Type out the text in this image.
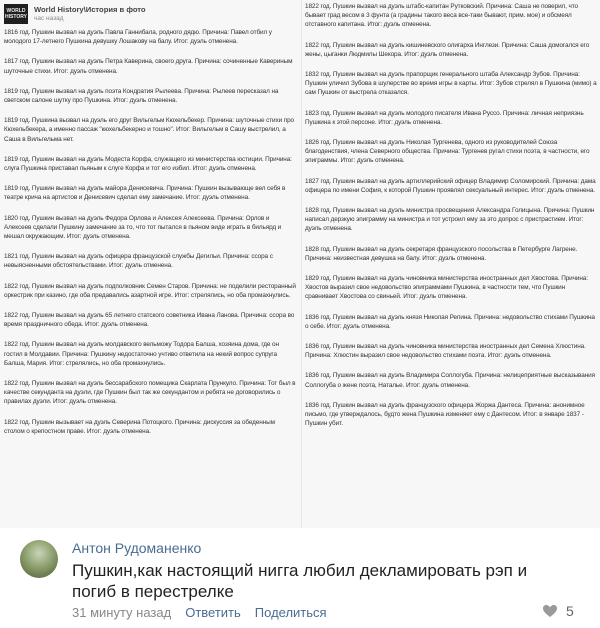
WORLD
HISTORY
World History\История в фото
час назад
1816 год. Пушкин вызвал на дуэль Павла Ганнибала, родного дядю. Причина: Павел отбил у молодого 17-летнего Пушкина девушку Лошакову на балу. Итог: дуэль отменена.
1817 год. Пушкин вызвал на дуэль Петра Каверина, своего друга. Причина: сочиненные Кавериным шуточные стихи. Итог: дуэль отменена.
1819 год. Пушкин вызвал на дуэль поэта Кондратия Рылеева. Причина: Рылеев пересказал на светском салоне шутку про Пушкина. Итог: дуэль отменена.
1819 год. Пушкина вызвал на дуэль его друг Вильгельм Кюхельбекер. Причина: шуточные стихи про Кюхельбекера, а именно пассаж "кюхельбекерно и тошно". Итог: Вильгельм в Сашу выстрелил, а Саша в Вильгельма нет.
1819 год. Пушкин вызвал на дуэль Модеста Корфа, служащего из министерства юстиции. Причина: слуга Пушкина приставал пьяным к слуге Корфа и тот его избил. Итог: дуэль отменена.
1819 год. Пушкин вызвал на дуэль майора Денисевича. Причина: Пушкин вызывающе вел себя в театре крича на артистов и Денисевич сделал ему замечание. Итог: дуэль отменена.
1820 год. Пушкин вызвал на дуэль Федора Орлова и Алексея Алексеева. Причина: Орлов и Алексеев сделали Пушкину замечание за то, что тот пытался в пьяном виде играть в бильярд и мешал окружающим. Итог: дуэль отменена.
1821 год. Пушкин вызвал на дуэль офицера французской службы Дегильи. Причина: ссора с невыясненными обстоятельствами. Итог: дуэль отменена.
1822 год. Пушкин вызвал на дуэль подполковник Семен Старов. Причина: не поделили ресторанный оркестрик при казино, где оба предавались азартной игре. Итог: стрелялись, но оба промахнулись.
1822 год. Пушкин вызвал на дуэль 65 летнего статского советника Ивана Ланова. Причина: ссора во время праздничного обеда. Итог: дуэль отменена.
1822 год. Пушкин вызвал на дуэль молдавского вельможу Тодора Балша, хозяина дома, где он гостил в Молдавии. Причина: Пушкину недостаточно учтиво ответила на некий вопрос супруга Балша, Мария. Итог: стрелялись, но оба промахнулись.
1822 год. Пушкин вызвал на дуэль бессарабского помещика Скарлата Прункуло. Причина: Тот был в качестве секунданта на дуэли, где Пушкин был так же секундантом и ребята не договорились о правилах дуэли. Итог: дуэль отменена.
1822 год. Пушкин вызывает на дуэль Северина Потоцкого. Причина: дискуссия за обеденным столом о крепостном праве. Итог: дуэль отменена.
1822 год. Пушкин вызвал на дуэль штабс-капитан Рутковский. Причина: Саша не поверил, что бывает град весом в 3 фунта (а градины такого веса все-таки бывают, прим. мое) и обсмеял отставного капитана. Итог: дуэль отменена.
1822 год. Пушкин вызвал на дуэль кишиневского олигарха Инглези. Причина: Саша домогался его жены, цыганки Людмилы Шекора. Итог: дуэль отменена.
1832 год. Пушкин вызвал на дуэль прапорщик генерального штаба Александр Зубов. Причина: Пушкин уличил Зубова в шулерстве во время игры в карты. Итог: Зубов стрелял в Пушкина (мимо) а сам Пушкин от выстрела отказался.
1823 год. Пушкин вызвал на дуэль молодого писателя Ивана Руссо. Причина: личная неприязнь Пушкина к этой персоне. Итог: дуэль отменена.
1826 год. Пушкин вызвал на дуэль Николая Тургенева, одного из руководителей Союза благоденствия, члена Северного общества. Причина: Тургенев ругал стихи поэта, в частности, его эпиграммы. Итог: дуэль отменена.
1827 год. Пушкин вызвал на дуэль артиллерийский офицер Владимир Соломирский. Причина: дама офицера по имени София, к которой Пушкин проявлял сексуальный интерес. Итог: дуэль отменена.
1828 год. Пушкин вызвал на дуэль министра просвещения Александра Голицына. Причина: Пушкин написал дерзкую эпиграмму на министра и тот устроил ему за это допрос с пристрастием. Итог: дуэль отменена.
1828 год. Пушкин вызвал на дуэль секретаря французского посольства в Петербурге Лагрене. Причина: неизвестная девушка на балу. Итог: дуэль отменена.
1829 год. Пушкин вызвал на дуэль чиновника министерства иностранных дел Хвостова. Причина: Хвостов выразил свое недовольство эпиграммами Пушкина, в частности тем, что Пушкин сравнивает Хвостова со свиньей. Итог: дуэль отменена.
1836 год. Пушкин вызвал на дуэль князя Николая Репина. Причина: недовольство стихами Пушкина о себе. Итог: дуэль отменена.
1836 год. Пушкин вызвал на дуэль чиновника министерства иностранных дел Семена Хлюстина. Причина: Хлюстин выразил свое недовольство стихами поэта. Итог: дуэль отменена.
1836 год. Пушкин вызвал на дуэль Владимира Соллогуба. Причина: нелицеприятные высказывания Соллогуба о жене поэта, Наталье. Итог: дуэль отменена.
1836 год. Пушкин вызвал на дуэль французского офицера Жоржа Дантеса. Причина: анонимное письмо, где утверждалось, будто жена Пушкина изменяет ему с Дантесом. Итог: в январе 1837 - Пушкин убит.
Антон Рудоманенко
Пушкин,как настоящий нигга любил декламировать рэп и погиб в перестрелке
31 минуту назад Ответить Поделиться	5
